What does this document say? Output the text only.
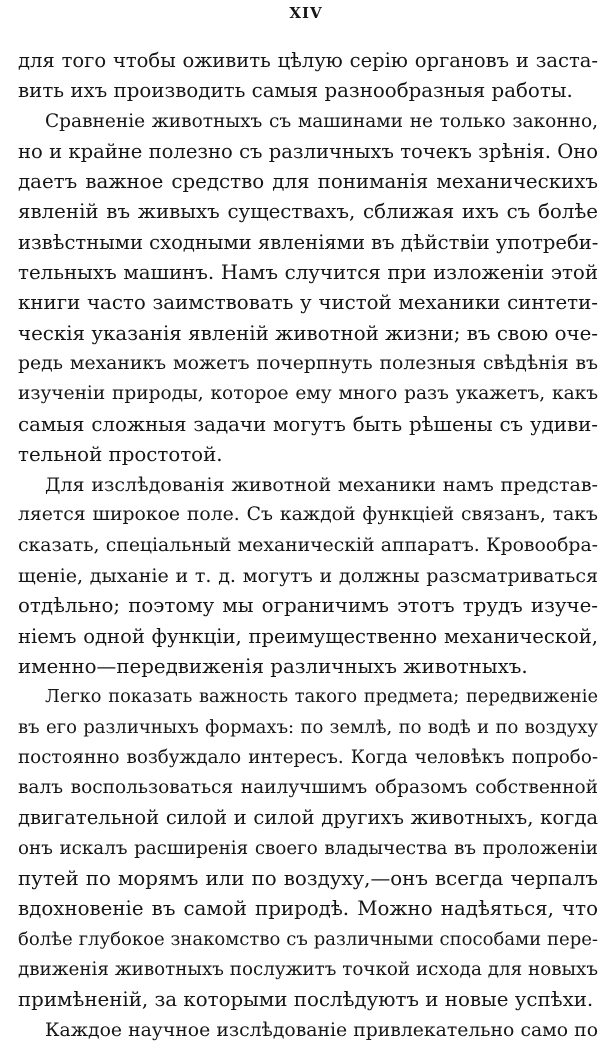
XIV
для того чтобы оживить цѣлую серію органовъ и заста-
вить ихъ производить самыя разнообразныя работы.
Сравненіе животныхъ съ машинами не только законно,
но и крайне полезно съ различныхъ точекъ зрѣнія. Оно
даетъ важное средство для пониманія механическихъ
явленій въ живыхъ существахъ, сближая ихъ съ болѣе
извѣстными сходными явленіями въ дѣйствіи употреби-
тельныхъ машинъ. Намъ случится при изложеніи этой
книги часто заимствовать у чистой механики синтети-
ческія указанія явленій животной жизни; въ свою оче-
редь механикъ можетъ почерпнуть полезныя свѣдѣнія въ
изученіи природы, которое ему много разъ укажетъ, какъ
самыя сложныя задачи могутъ быть рѣшены съ удиви-
тельной простотой.
Для изслѣдованія животной механики намъ представ-
ляется широкое поле. Съ каждой функціей связанъ, такъ
сказать, спеціальный механическій аппаратъ. Кровообра-
щеніе, дыханіе и т. д. могутъ и должны разсматриваться
отдѣльно; поэтому мы ограничимъ этотъ трудъ изуче-
ніемъ одной функціи, преимущественно механической,
именно—передвиженія различныхъ животныхъ.
Легко показать важность такого предмета; передвиженіе
въ его различныхъ формахъ: по землѣ, по водѣ и по воздуху
постоянно возбуждало интересъ. Когда человѣкъ попробо-
валъ воспользоваться наилучшимъ образомъ собственной
двигательной силой и силой другихъ животныхъ, когда
онъ искалъ расширенія своего владычества въ проложеніи
путей по морямъ или по воздуху,—онъ всегда черпалъ
вдохновеніе въ самой природѣ. Можно надѣяться, что
болѣе глубокое знакомство съ различными способами пере-
движенія животныхъ послужитъ точкой исхода для новыхъ
примѣненій, за которыми послѣдуютъ и новые успѣхи.
Каждое научное изслѣдованіе привлекательно само по
